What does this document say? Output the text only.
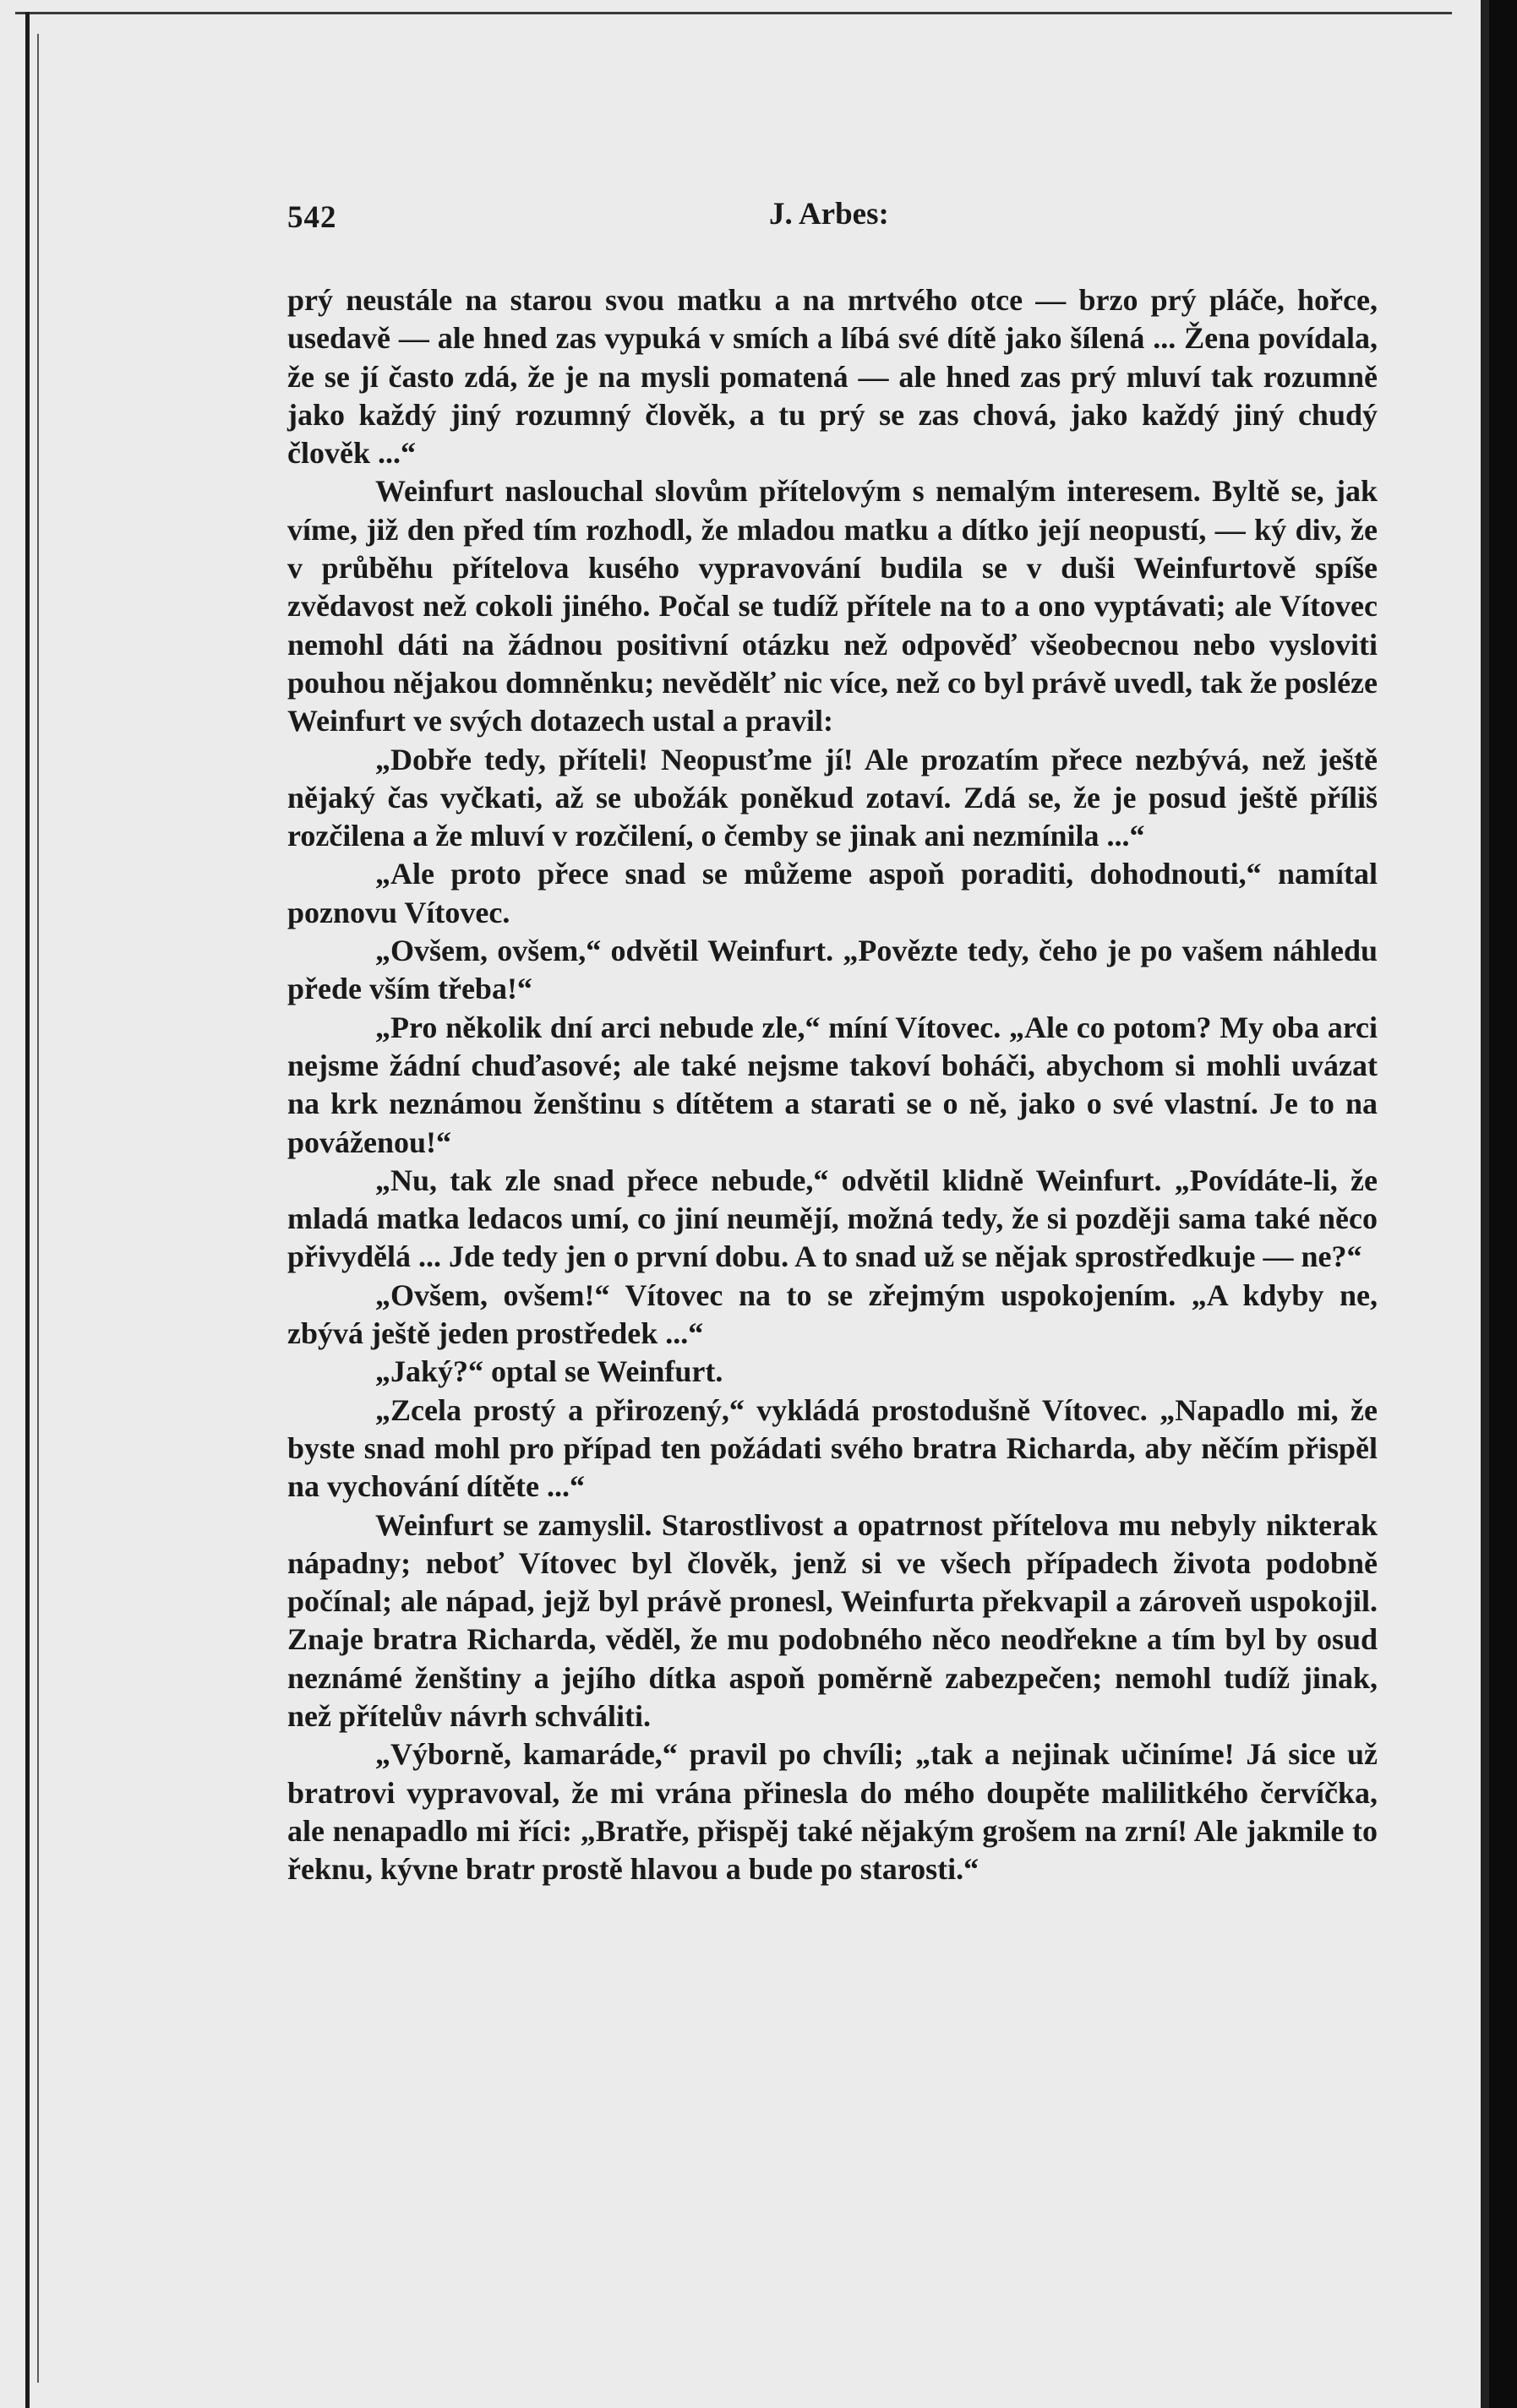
542	J. Arbes:

prý neustále na starou svou matku a na mrtvého otce — brzo prý pláče, hořce, usedavě — ale hned zas vypuká v smích a líbá své dítě jako šílená ... Žena povídala, že se jí často zdá, že je na mysli pomatená — ale hned zas prý mluví tak rozumně jako každý jiný rozumný člověk, a tu prý se zas chová, jako každý jiný chudý člověk ...“

Weinfurt naslouchal slovům přítelovým s nemalým interesem. Byltě se, jak víme, již den před tím rozhodl, že mladou matku a dítko její neopustí, — ký div, že v průběhu přítelova kusého vypravování budila se v duši Weinfurtově spíše zvědavost než cokoli jiného. Počal se tudíž přítele na to a ono vyptávati; ale Vítovec nemohl dáti na žádnou positivní otázku než odpověď všeobecnou nebo vysloviti pouhou nějakou domněnku; nevědělť nic více, než co byl právě uvedl, tak že posléze Weinfurt ve svých dotazech ustal a pravil:

„Dobře tedy, příteli! Neopusťme jí! Ale prozatím přece nezbývá, než ještě nějaký čas vyčkati, až se ubožák poněkud zotaví. Zdá se, že je posud ještě příliš rozčilena a že mluví v rozčilení, o čemby se jinak ani nezmínila ...“

„Ale proto přece snad se můžeme aspoň poraditi, dohodnouti,“ namítal poznovu Vítovec.

„Ovšem, ovšem,“ odvětil Weinfurt. „Povězte tedy, čeho je po vašem náhledu přede vším třeba!“

„Pro několik dní arci nebude zle,“ míní Vítovec. „Ale co potom? My oba arci nejsme žádní chuďasové; ale také nejsme takoví boháči, abychom si mohli uvázat na krk neznámou ženštinu s dítětem a starati se o ně, jako o své vlastní. Je to na pováženou!“

„Nu, tak zle snad přece nebude,“ odvětil klidně Weinfurt. „Povídáte-li, že mladá matka ledacos umí, co jiní neumějí, možná tedy, že si později sama také něco přivydělá ... Jde tedy jen o první dobu. A to snad už se nějak sprostředkuje — ne?“

„Ovšem, ovšem!“ Vítovec na to se zřejmým uspokojením. „A kdyby ne, zbývá ještě jeden prostředek ...“

„Jaký?“ optal se Weinfurt.

„Zcela prostý a přirozený,“ vykládá prostodušně Vítovec. „Napadlo mi, že byste snad mohl pro případ ten požádati svého bratra Richarda, aby něčím přispěl na vychování dítěte ...“

Weinfurt se zamyslil. Starostlivost a opatrnost přítelova mu nebyly nikterak nápadny; neboť Vítovec byl člověk, jenž si ve všech případech života podobně počínal; ale nápad, jejž byl právě pronesl, Weinfurta překvapil a zároveň uspokojil. Znaje bratra Richarda, věděl, že mu podobného něco neodřekne a tím byl by osud neznámé ženštiny a jejího dítka aspoň poměrně zabezpečen; nemohl tudíž jinak, než přítelův návrh schváliti.

„Výborně, kamaráde,“ pravil po chvíli; „tak a nejinak učiníme! Já sice už bratrovi vypravoval, že mi vrána přinesla do mého doupěte malilitkého červíčka, ale nenapadlo mi říci: „Bratře, přispěj také nějakým grošem na zrní! Ale jakmile to řeknu, kývne bratr prostě hlavou a bude po starosti.“
